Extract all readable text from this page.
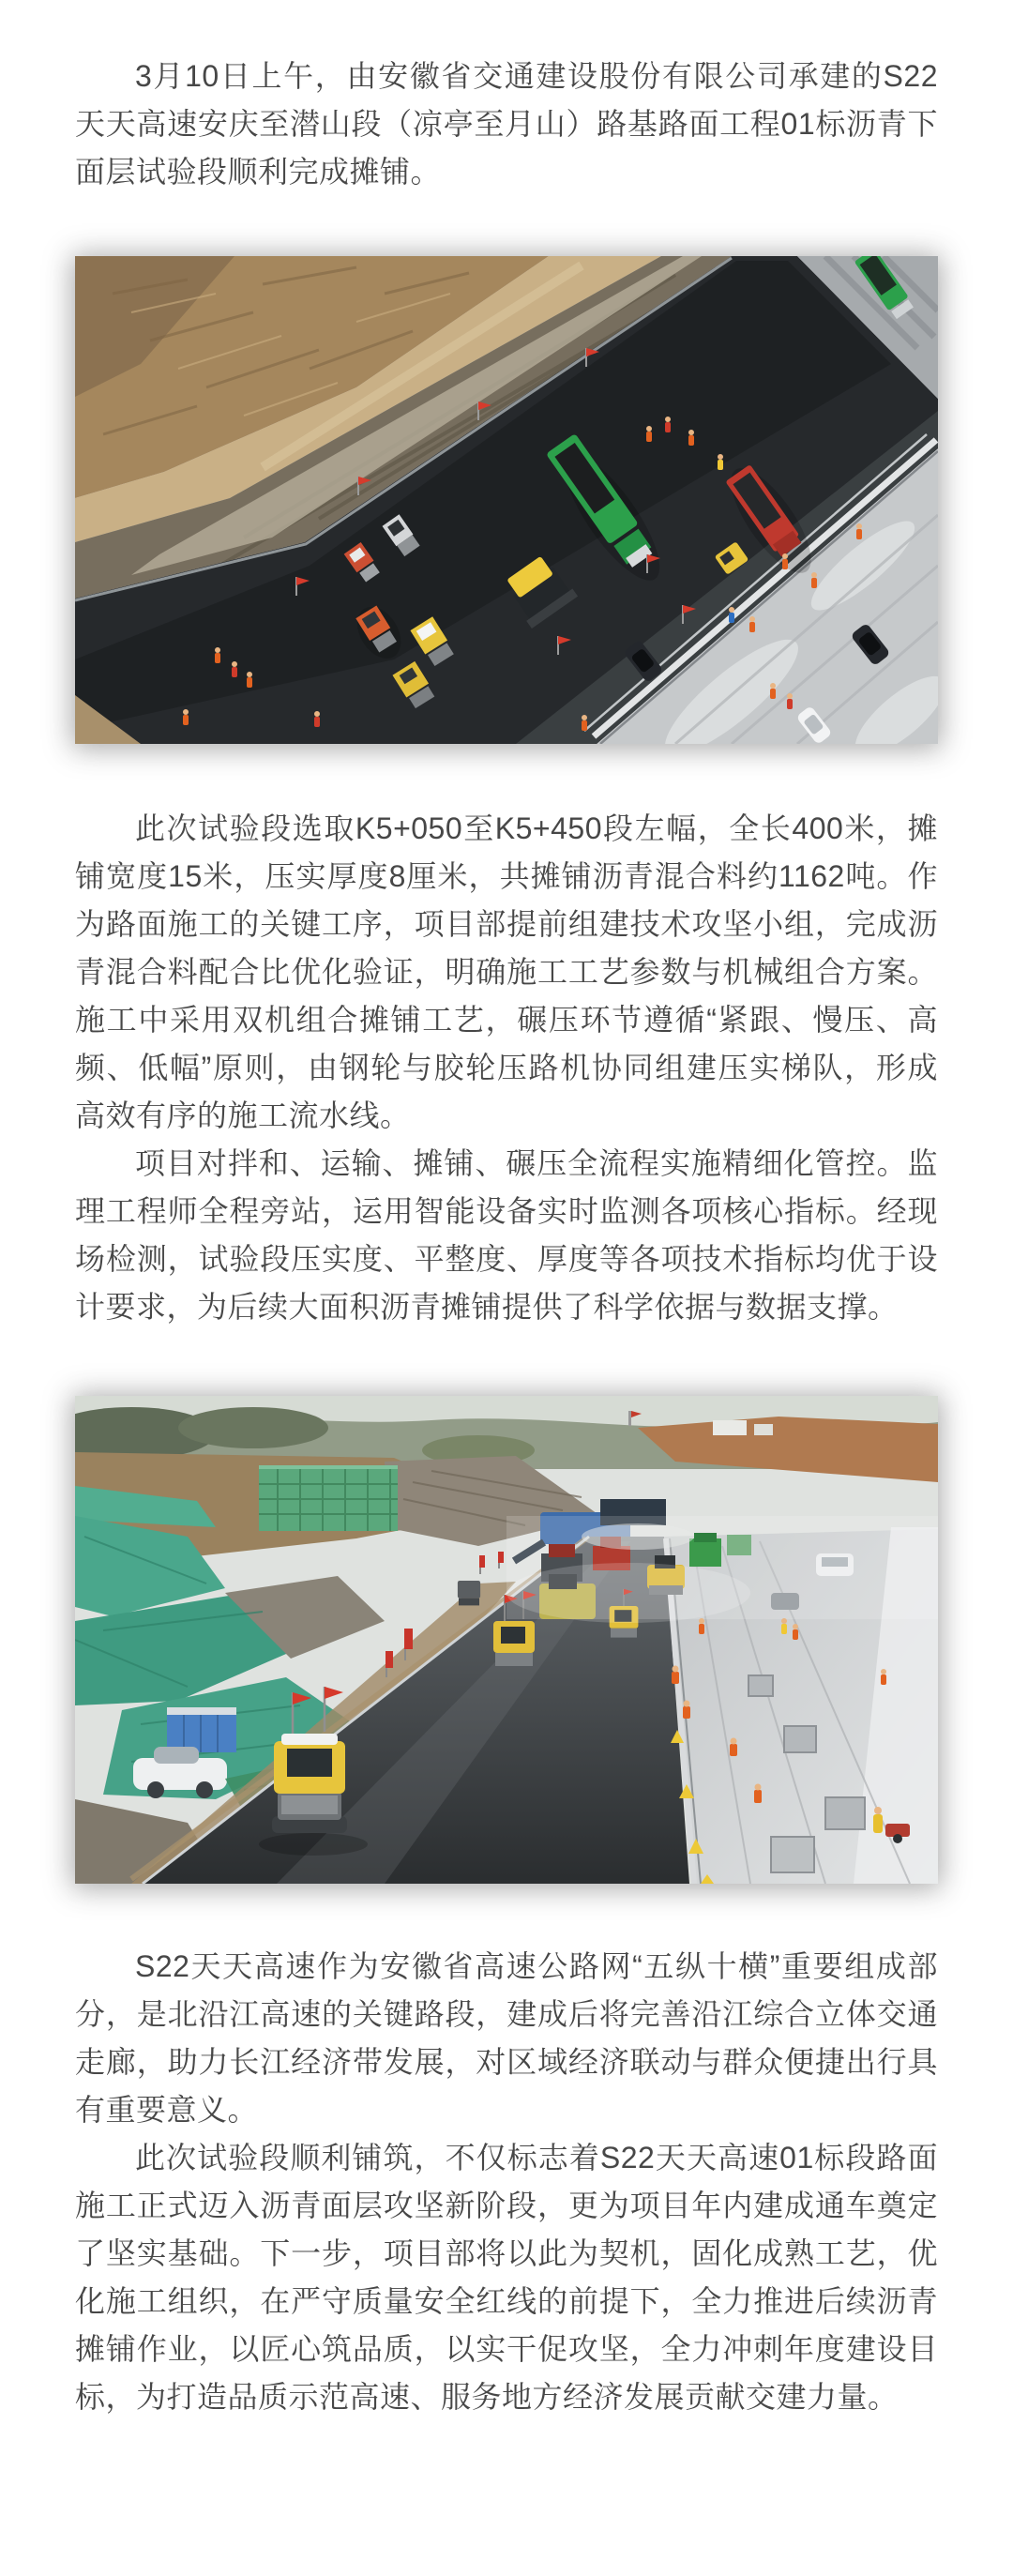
3月10日上午，由安徽省交通建设股份有限公司承建的S22天天高速安庆至潜山段（凉亭至月山）路基路面工程01标沥青下面层试验段顺利完成摊铺。

此次试验段选取K5+050至K5+450段左幅，全长400米，摊铺宽度15米，压实厚度8厘米，共摊铺沥青混合料约1162吨。作为路面施工的关键工序，项目部提前组建技术攻坚小组，完成沥青混合料配合比优化验证，明确施工工艺参数与机械组合方案。施工中采用双机组合摊铺工艺，碾压环节遵循“紧跟、慢压、高频、低幅”原则，由钢轮与胶轮压路机协同组建压实梯队，形成高效有序的施工流水线。

项目对拌和、运输、摊铺、碾压全流程实施精细化管控。监理工程师全程旁站，运用智能设备实时监测各项核心指标。经现场检测，试验段压实度、平整度、厚度等各项技术指标均优于设计要求，为后续大面积沥青摊铺提供了科学依据与数据支撑。

S22天天高速作为安徽省高速公路网“五纵十横”重要组成部分，是北沿江高速的关键路段，建成后将完善沿江综合立体交通走廊，助力长江经济带发展，对区域经济联动与群众便捷出行具有重要意义。

此次试验段顺利铺筑，不仅标志着S22天天高速01标段路面施工正式迈入沥青面层攻坚新阶段，更为项目年内建成通车奠定了坚实基础。下一步，项目部将以此为契机，固化成熟工艺，优化施工组织，在严守质量安全红线的前提下，全力推进后续沥青摊铺作业，以匠心筑品质，以实干促攻坚，全力冲刺年度建设目标，为打造品质示范高速、服务地方经济发展贡献交建力量。
